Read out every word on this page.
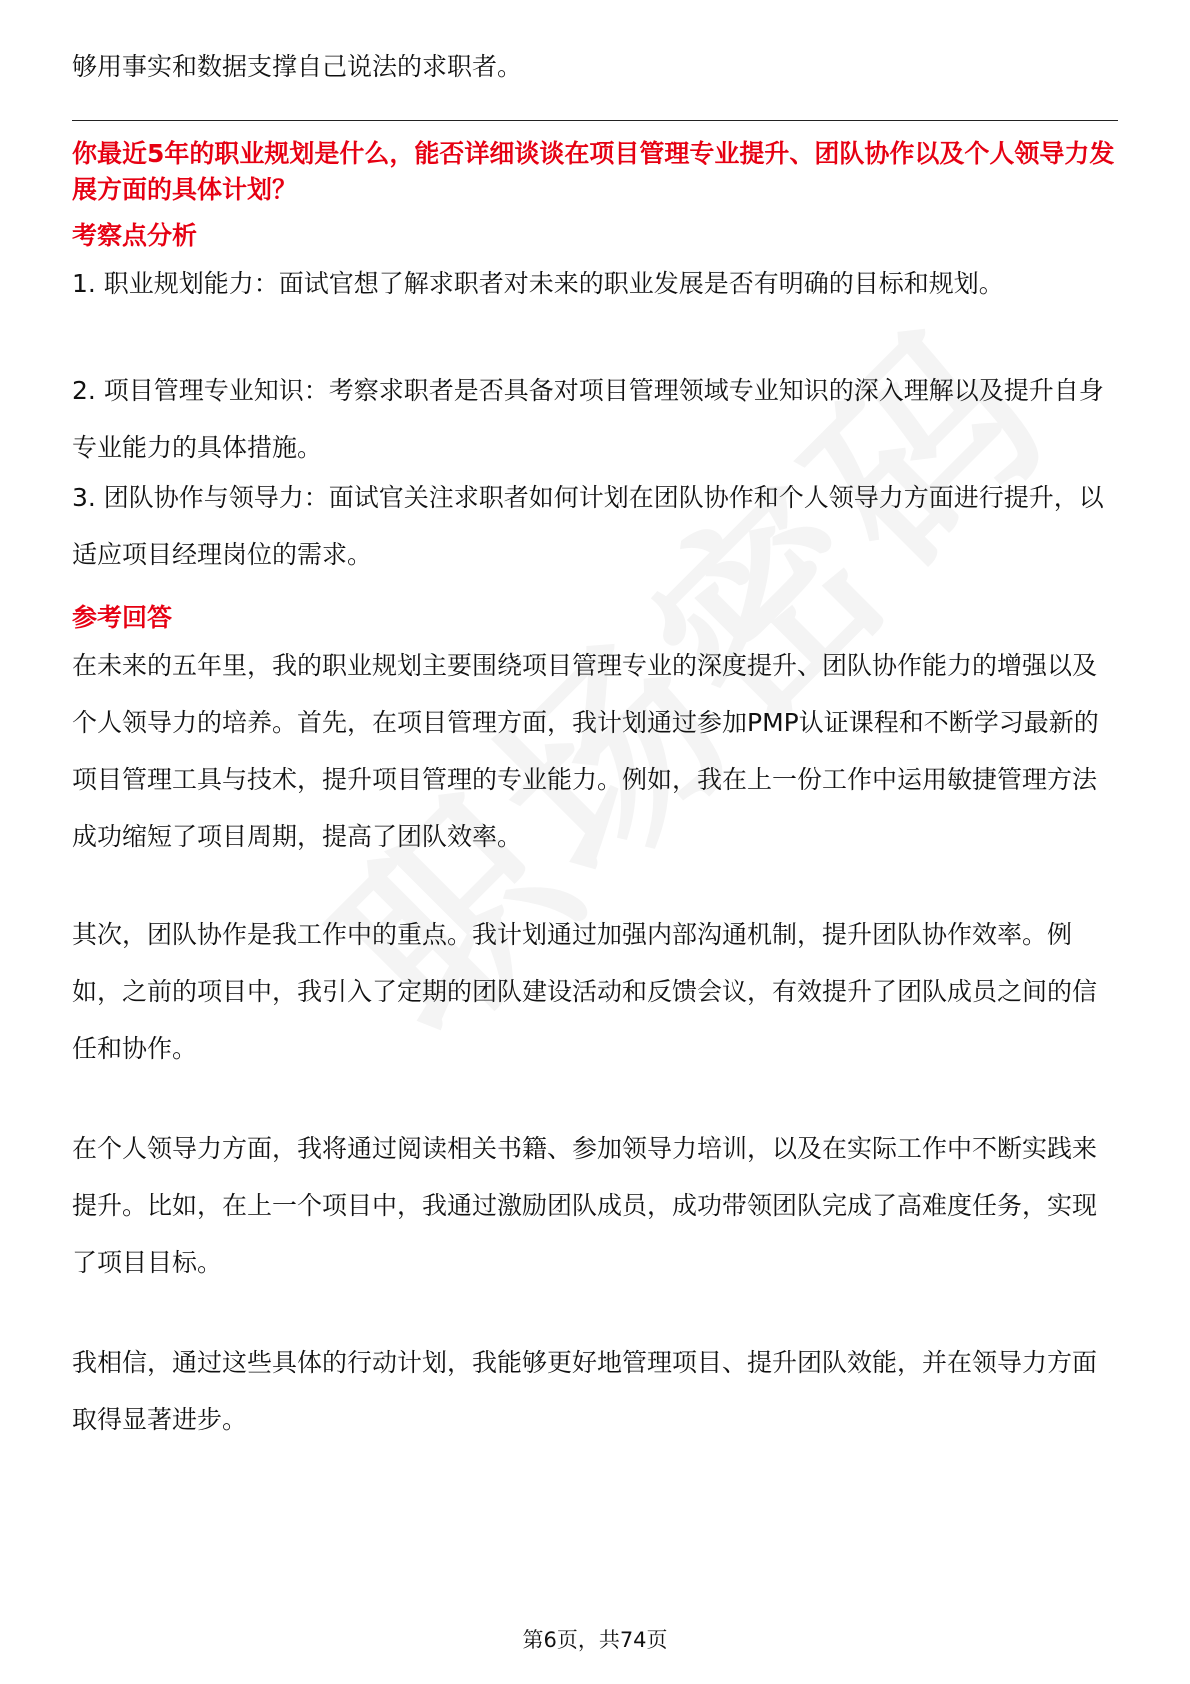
够用事实和数据支撑自己说法的求职者。

你最近5年的职业规划是什么，能否详细谈谈在项目管理专业提升、团队协作以及个人领导力发展方面的具体计划？

考察点分析

1. 职业规划能力：面试官想了解求职者对未来的职业发展是否有明确的目标和规划。

2. 项目管理专业知识：考察求职者是否具备对项目管理领域专业知识的深入理解以及提升自身专业能力的具体措施。

3. 团队协作与领导力：面试官关注求职者如何计划在团队协作和个人领导力方面进行提升，以适应项目经理岗位的需求。

参考回答

在未来的五年里，我的职业规划主要围绕项目管理专业的深度提升、团队协作能力的增强以及个人领导力的培养。首先，在项目管理方面，我计划通过参加PMP认证课程和不断学习最新的项目管理工具与技术，提升项目管理的专业能力。例如，我在上一份工作中运用敏捷管理方法成功缩短了项目周期，提高了团队效率。

其次，团队协作是我工作中的重点。我计划通过加强内部沟通机制，提升团队协作效率。例如，之前的项目中，我引入了定期的团队建设活动和反馈会议，有效提升了团队成员之间的信任和协作。

在个人领导力方面，我将通过阅读相关书籍、参加领导力培训，以及在实际工作中不断实践来提升。比如，在上一个项目中，我通过激励团队成员，成功带领团队完成了高难度任务，实现了项目目标。

我相信，通过这些具体的行动计划，我能够更好地管理项目、提升团队效能，并在领导力方面取得显著进步。

第6页，共74页
